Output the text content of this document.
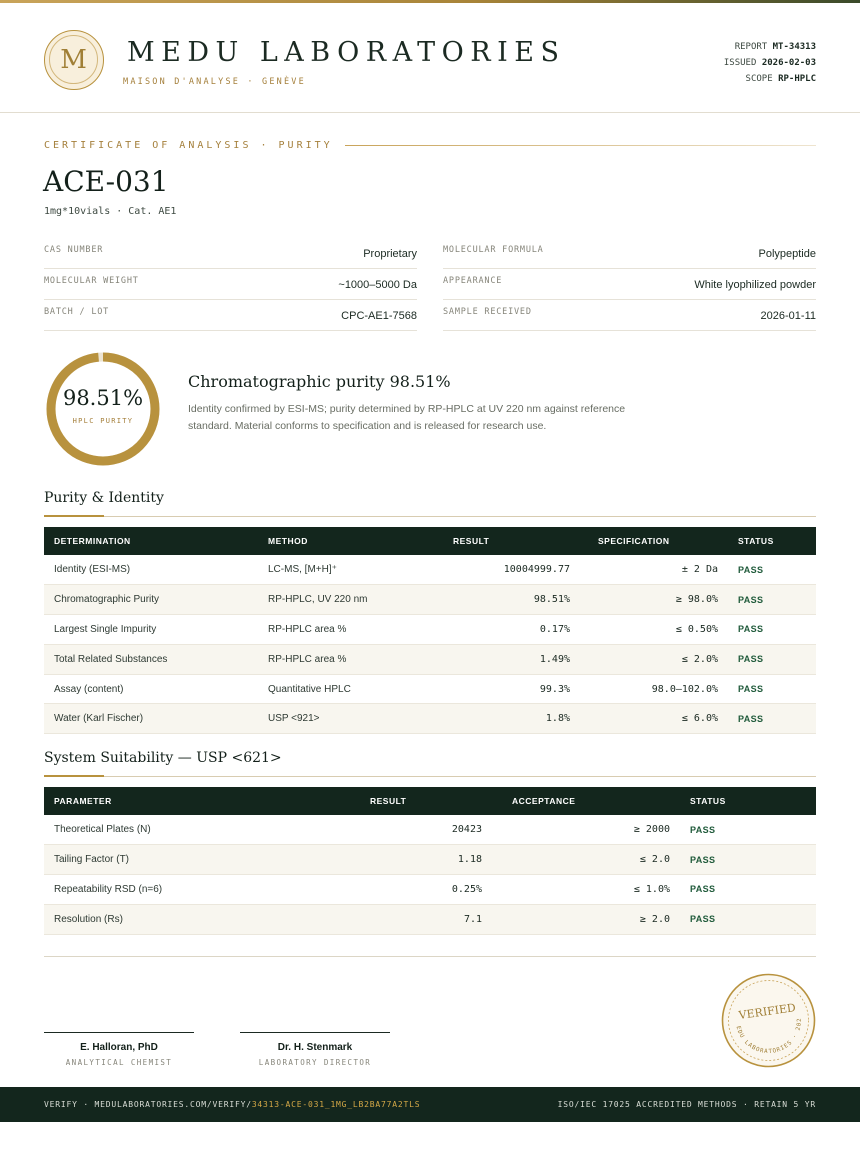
M MEDU LABORATORIES
MAISON D'ANALYSE · GENÈVE
REPORT MT-34313
ISSUED 2026-02-03
SCOPE RP-HPLC
CERTIFICATE OF ANALYSIS · PURITY
ACE-031
1mg*10vials · Cat. AE1
CAS NUMBER	Proprietary	MOLECULAR FORMULA	Polypeptide
MOLECULAR WEIGHT	~1000–5000 Da	APPEARANCE	White lyophilized powder
BATCH / LOT	CPC-AE1-7568	SAMPLE RECEIVED	2026-01-11
98.51%
HPLC PURITY
Chromatographic purity 98.51%
Identity confirmed by ESI-MS; purity determined by RP-HPLC at UV 220 nm against reference standard. Material conforms to specification and is released for research use.
Purity & Identity
DETERMINATION	METHOD	RESULT	SPECIFICATION	STATUS
Identity (ESI-MS)	LC-MS, [M+H]⁺	10004999.77	± 2 Da	PASS
Chromatographic Purity	RP-HPLC, UV 220 nm	98.51%	≥ 98.0%	PASS
Largest Single Impurity	RP-HPLC area %	0.17%	≤ 0.50%	PASS
Total Related Substances	RP-HPLC area %	1.49%	≤ 2.0%	PASS
Assay (content)	Quantitative HPLC	99.3%	98.0–102.0%	PASS
Water (Karl Fischer)	USP <921>	1.8%	≤ 6.0%	PASS
System Suitability — USP <621>
PARAMETER	RESULT	ACCEPTANCE	STATUS
Theoretical Plates (N)	20423	≥ 2000	PASS
Tailing Factor (T)	1.18	≤ 2.0	PASS
Repeatability RSD (n=6)	0.25%	≤ 1.0%	PASS
Resolution (Rs)	7.1	≥ 2.0	PASS
E. Halloran, PhD
ANALYTICAL CHEMIST
Dr. H. Stenmark
LABORATORY DIRECTOR
VERIFIED
MEDU LABORATORIES · 2026
VERIFY · MEDULABORATORIES.COM/VERIFY/34313-ACE-031_1MG_LB2BA77A2TLS	ISO/IEC 17025 ACCREDITED METHODS · RETAIN 5 YR
